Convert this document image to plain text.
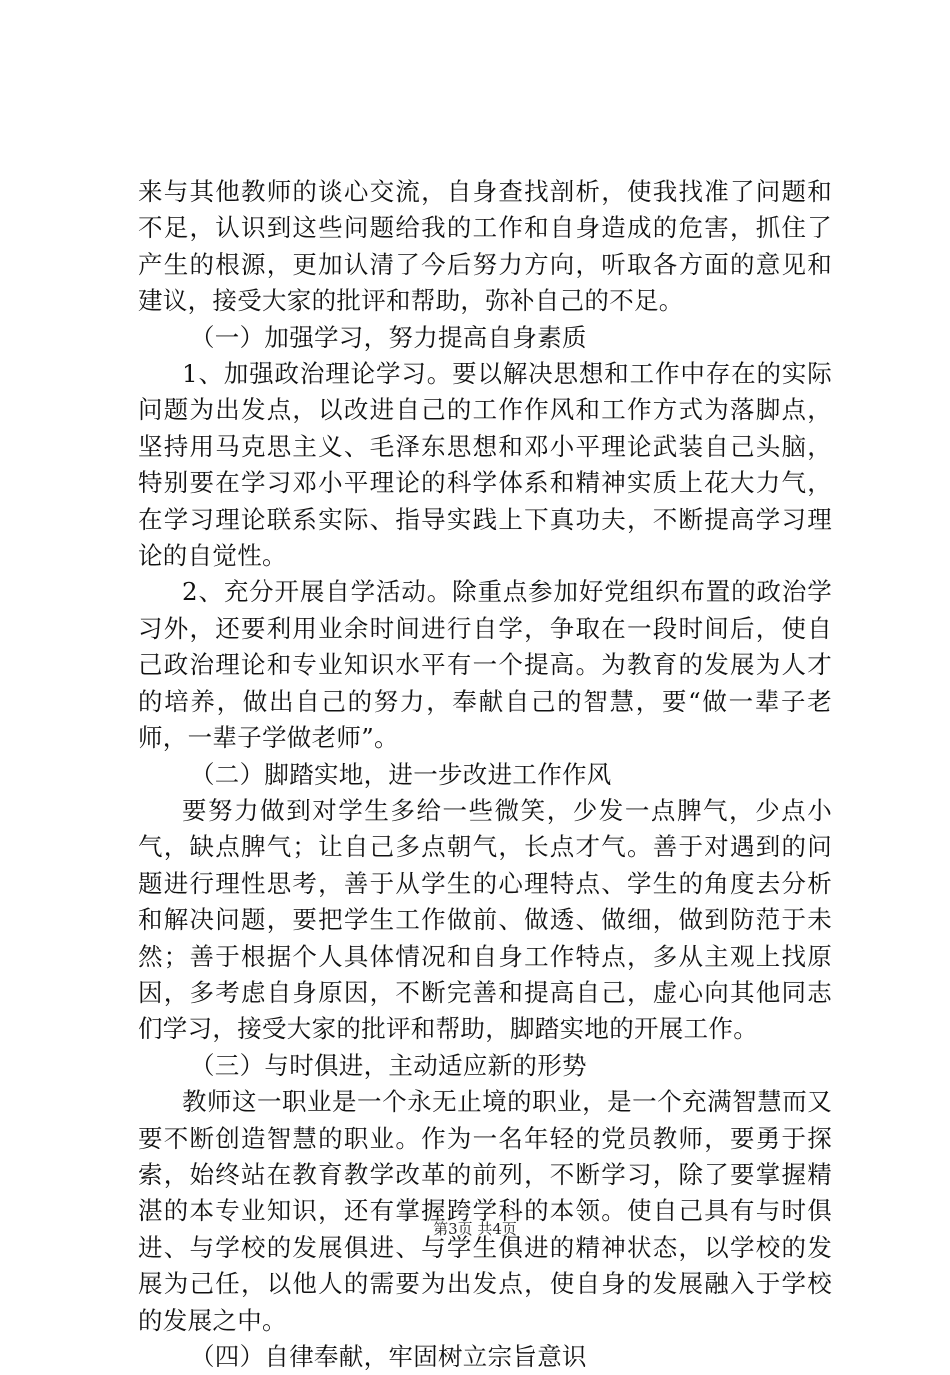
来与其他教师的谈心交流，自身查找剖析，使我找准了问题和不足，认识到这些问题给我的工作和自身造成的危害，抓住了产生的根源，更加认清了今后努力方向，听取各方面的意见和建议，接受大家的批评和帮助，弥补自己的不足。

（一）加强学习，努力提高自身素质

1、加强政治理论学习。要以解决思想和工作中存在的实际问题为出发点，以改进自己的工作作风和工作方式为落脚点，坚持用马克思主义、毛泽东思想和邓小平理论武装自己头脑，特别要在学习邓小平理论的科学体系和精神实质上花大力气，在学习理论联系实际、指导实践上下真功夫，不断提高学习理论的自觉性。

2、充分开展自学活动。除重点参加好党组织布置的政治学习外，还要利用业余时间进行自学，争取在一段时间后，使自己政治理论和专业知识水平有一个提高。为教育的发展为人才的培养，做出自己的努力，奉献自己的智慧，要“做一辈子老师，一辈子学做老师”。

（二）脚踏实地，进一步改进工作作风

要努力做到对学生多给一些微笑，少发一点脾气，少点小气，缺点脾气；让自己多点朝气，长点才气。善于对遇到的问题进行理性思考，善于从学生的心理特点、学生的角度去分析和解决问题，要把学生工作做前、做透、做细，做到防范于未然；善于根据个人具体情况和自身工作特点，多从主观上找原因，多考虑自身原因，不断完善和提高自己，虚心向其他同志们学习，接受大家的批评和帮助，脚踏实地的开展工作。

（三）与时俱进，主动适应新的形势

教师这一职业是一个永无止境的职业，是一个充满智慧而又要不断创造智慧的职业。作为一名年轻的党员教师，要勇于探索，始终站在教育教学改革的前列，不断学习，除了要掌握精湛的本专业知识，还有掌握跨学科的本领。使自己具有与时俱进、与学校的发展俱进、与学生俱进的精神状态，以学校的发展为己任，以他人的需要为出发点，使自身的发展融入于学校的发展之中。

（四）自律奉献，牢固树立宗旨意识

第3页 共4页
